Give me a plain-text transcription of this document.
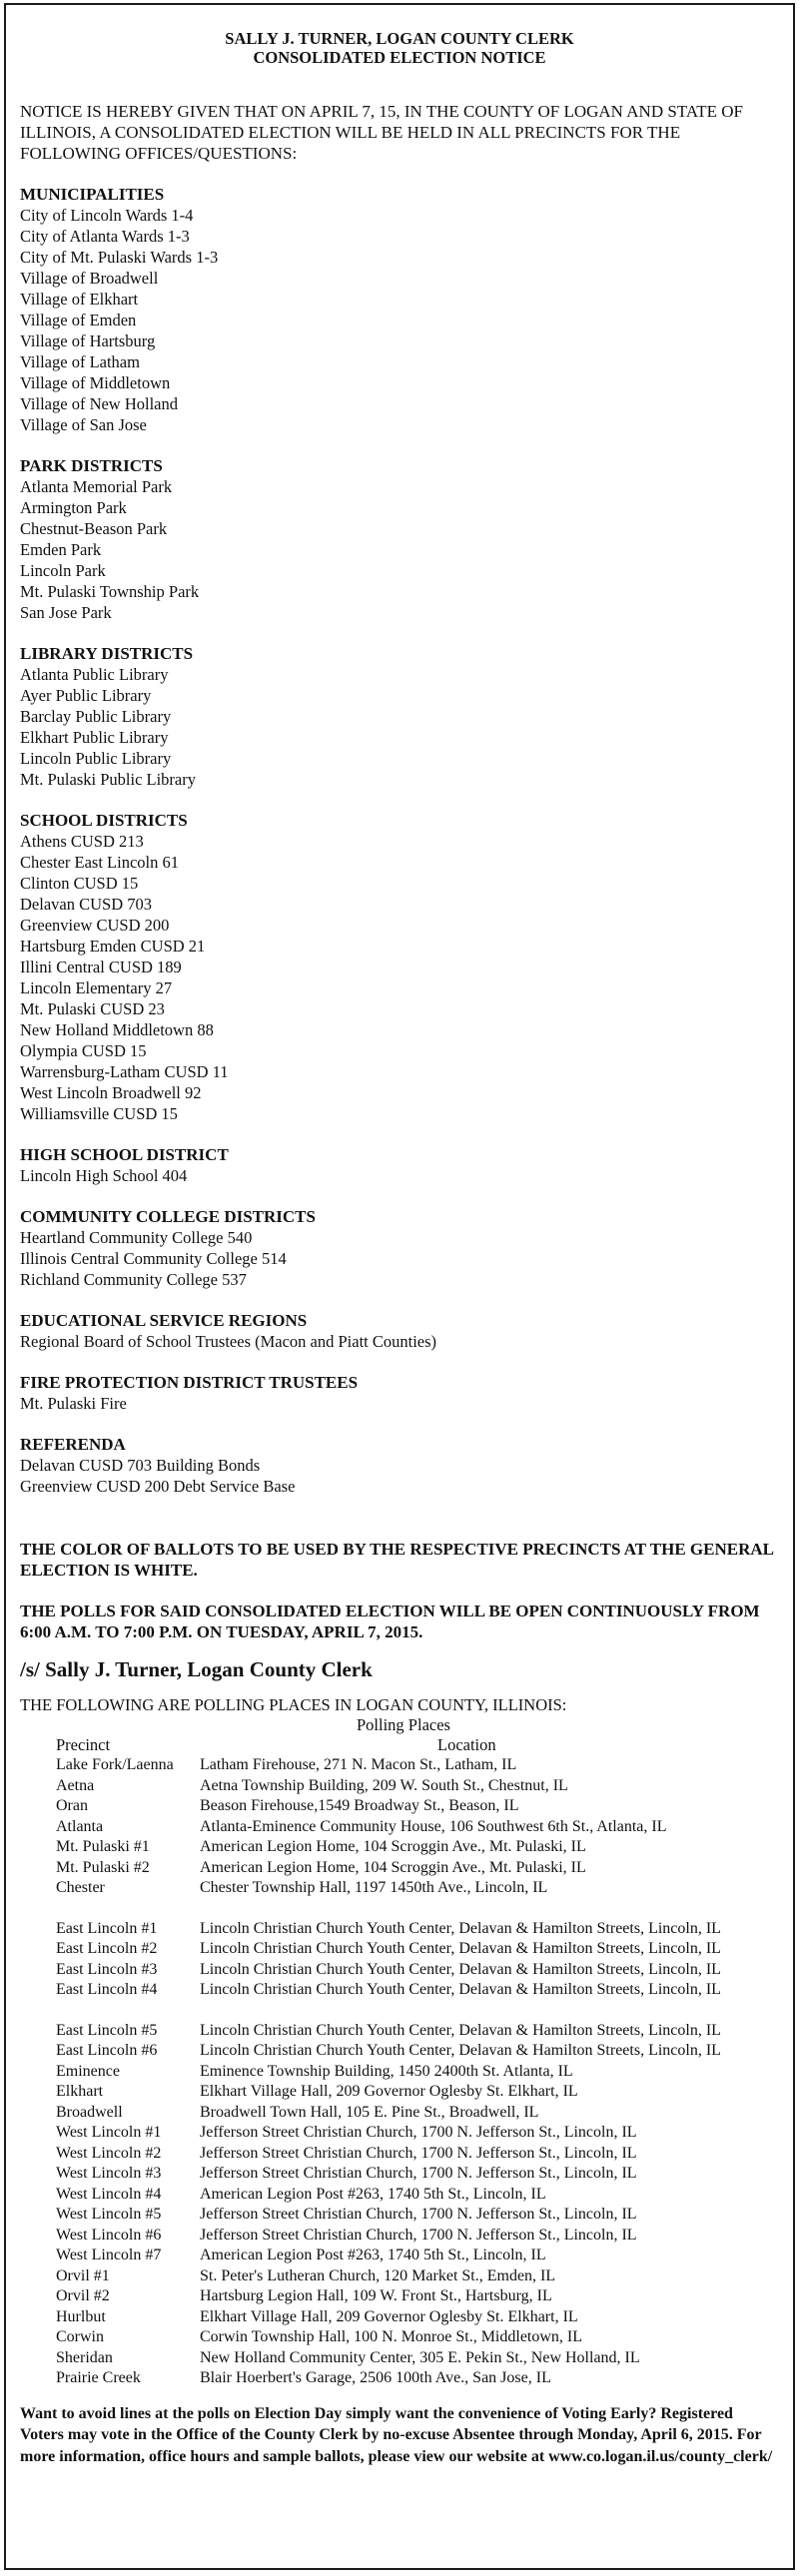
SALLY J. TURNER, LOGAN COUNTY CLERK
CONSOLIDATED ELECTION NOTICE
NOTICE IS HEREBY GIVEN THAT ON APRIL 7, 15, IN THE COUNTY OF LOGAN AND STATE OF ILLINOIS, A CONSOLIDATED ELECTION WILL BE HELD IN ALL PRECINCTS FOR THE FOLLOWING OFFICES/QUESTIONS:
MUNICIPALITIES
City of Lincoln Wards 1-4
City of Atlanta Wards 1-3
City of Mt. Pulaski Wards 1-3
Village of Broadwell
Village of Elkhart
Village of Emden
Village of Hartsburg
Village of Latham
Village of Middletown
Village of New Holland
Village of San Jose
PARK DISTRICTS
Atlanta Memorial Park
Armington Park
Chestnut-Beason Park
Emden Park
Lincoln Park
Mt. Pulaski Township Park
San Jose Park
LIBRARY DISTRICTS
Atlanta Public Library
Ayer Public Library
Barclay Public Library
Elkhart Public Library
Lincoln Public Library
Mt. Pulaski Public Library
SCHOOL DISTRICTS
Athens CUSD 213
Chester East Lincoln 61
Clinton CUSD 15
Delavan CUSD 703
Greenview CUSD 200
Hartsburg Emden CUSD 21
Illini Central CUSD 189
Lincoln Elementary 27
Mt. Pulaski CUSD 23
New Holland Middletown 88
Olympia CUSD 15
Warrensburg-Latham CUSD 11
West Lincoln Broadwell 92
Williamsville CUSD 15
HIGH SCHOOL DISTRICT
Lincoln High School 404
COMMUNITY COLLEGE DISTRICTS
Heartland Community College 540
Illinois Central Community College 514
Richland Community College 537
EDUCATIONAL SERVICE REGIONS
Regional Board of School Trustees (Macon and Piatt Counties)
FIRE PROTECTION DISTRICT TRUSTEES
Mt. Pulaski Fire
REFERENDA
Delavan CUSD 703 Building Bonds
Greenview CUSD 200 Debt Service Base
THE COLOR OF BALLOTS TO BE USED BY THE RESPECTIVE PRECINCTS AT THE GENERAL ELECTION IS WHITE.
THE POLLS FOR SAID CONSOLIDATED ELECTION WILL BE OPEN CONTINUOUSLY FROM 6:00 A.M. TO 7:00 P.M. ON TUESDAY, APRIL 7, 2015.
/s/ Sally J. Turner, Logan County Clerk
THE FOLLOWING ARE POLLING PLACES IN LOGAN COUNTY, ILLINOIS:
Polling Places
Precinct	Location
Lake Fork/Laenna	Latham Firehouse, 271 N. Macon St., Latham, IL
Aetna	Aetna Township Building, 209 W. South St., Chestnut, IL
Oran	Beason Firehouse,1549 Broadway St., Beason, IL
Atlanta	Atlanta-Eminence Community House, 106 Southwest 6th St., Atlanta, IL
Mt. Pulaski #1	American Legion Home, 104 Scroggin Ave., Mt. Pulaski, IL
Mt. Pulaski #2	American Legion Home, 104 Scroggin Ave., Mt. Pulaski, IL
Chester	Chester Township Hall, 1197 1450th Ave., Lincoln, IL
East Lincoln #1	Lincoln Christian Church Youth Center, Delavan & Hamilton Streets, Lincoln, IL
East Lincoln #2	Lincoln Christian Church Youth Center, Delavan & Hamilton Streets, Lincoln, IL
East Lincoln #3	Lincoln Christian Church Youth Center, Delavan & Hamilton Streets, Lincoln, IL
East Lincoln #4	Lincoln Christian Church Youth Center, Delavan & Hamilton Streets, Lincoln, IL
East Lincoln #5	Lincoln Christian Church Youth Center, Delavan & Hamilton Streets, Lincoln, IL
East Lincoln #6	Lincoln Christian Church Youth Center, Delavan & Hamilton Streets, Lincoln, IL
Eminence	Eminence Township Building, 1450 2400th St. Atlanta, IL
Elkhart	Elkhart Village Hall, 209 Governor Oglesby St. Elkhart, IL
Broadwell	Broadwell Town Hall, 105 E. Pine St., Broadwell, IL
West Lincoln #1	Jefferson Street Christian Church, 1700 N. Jefferson St., Lincoln, IL
West Lincoln #2	Jefferson Street Christian Church, 1700 N. Jefferson St., Lincoln, IL
West Lincoln #3	Jefferson Street Christian Church, 1700 N. Jefferson St., Lincoln, IL
West Lincoln #4	American Legion Post #263, 1740 5th St., Lincoln, IL
West Lincoln #5	Jefferson Street Christian Church, 1700 N. Jefferson St., Lincoln, IL
West Lincoln #6	Jefferson Street Christian Church, 1700 N. Jefferson St., Lincoln, IL
West Lincoln #7	American Legion Post #263, 1740 5th St., Lincoln, IL
Orvil #1	St. Peter's Lutheran Church, 120 Market St., Emden, IL
Orvil #2	Hartsburg Legion Hall, 109 W. Front St., Hartsburg, IL
Hurlbut	Elkhart Village Hall, 209 Governor Oglesby St. Elkhart, IL
Corwin	Corwin Township Hall, 100 N. Monroe St., Middletown, IL
Sheridan	New Holland Community Center, 305 E. Pekin St., New Holland, IL
Prairie Creek	Blair Hoerbert's Garage, 2506 100th Ave., San Jose, IL
Want to avoid lines at the polls on Election Day simply want the convenience of Voting Early? Registered Voters may vote in the Office of the County Clerk by no-excuse Absentee through Monday, April 6, 2015. For more information, office hours and sample ballots, please view our website at www.co.logan.il.us/county_clerk/
